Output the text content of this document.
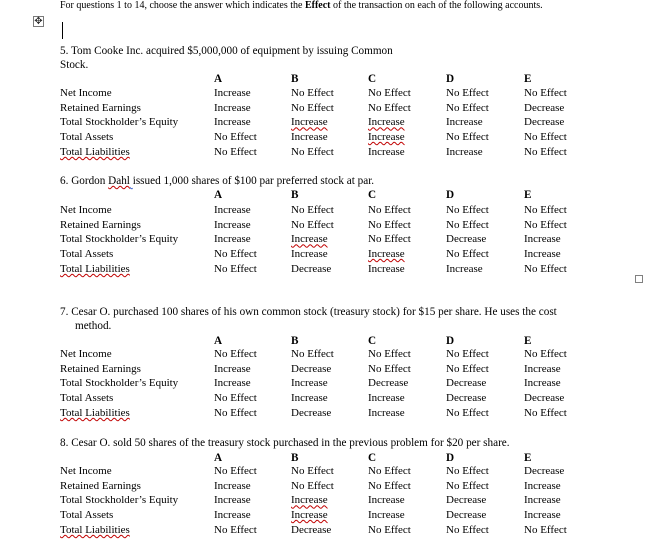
For questions 1 to 14, choose the answer which indicates the Effect of the transaction on each of the following accounts.
✥
5. Tom Cooke Inc. acquired $5,000,000 of equipment by issuing Common
Stock.
A	B	C	D	E
Net Income	Increase	No Effect	No Effect	No Effect	No Effect
Retained Earnings	Increase	No Effect	No Effect	No Effect	Decrease
Total Stockholder’s Equity	Increase	Increase	Increase	Increase	Decrease
Total Assets	No Effect	Increase	Increase	No Effect	No Effect
Total Liabilities	No Effect	No Effect	Increase	Increase	No Effect
6. Gordon Dahl issued 1,000 shares of $100 par preferred stock at par.
A	B	C	D	E
Net Income	Increase	No Effect	No Effect	No Effect	No Effect
Retained Earnings	Increase	No Effect	No Effect	No Effect	No Effect
Total Stockholder’s Equity	Increase	Increase	No Effect	Decrease	Increase
Total Assets	No Effect	Increase	Increase	No Effect	Increase
Total Liabilities	No Effect	Decrease	Increase	Increase	No Effect
7. Cesar O. purchased 100 shares of his own common stock (treasury stock) for $15 per share. He uses the cost
method.
A	B	C	D	E
Net Income	No Effect	No Effect	No Effect	No Effect	No Effect
Retained Earnings	Increase	Decrease	No Effect	No Effect	Increase
Total Stockholder’s Equity	Increase	Increase	Decrease	Decrease	Increase
Total Assets	No Effect	Increase	Increase	Decrease	Decrease
Total Liabilities	No Effect	Decrease	Increase	No Effect	No Effect
8. Cesar O. sold 50 shares of the treasury stock purchased in the previous problem for $20 per share.
A	B	C	D	E
Net Income	No Effect	No Effect	No Effect	No Effect	Decrease
Retained Earnings	Increase	No Effect	No Effect	No Effect	Increase
Total Stockholder’s Equity	Increase	Increase	Increase	Decrease	Increase
Total Assets	Increase	Increase	Increase	Decrease	Increase
Total Liabilities	No Effect	Decrease	No Effect	No Effect	No Effect
